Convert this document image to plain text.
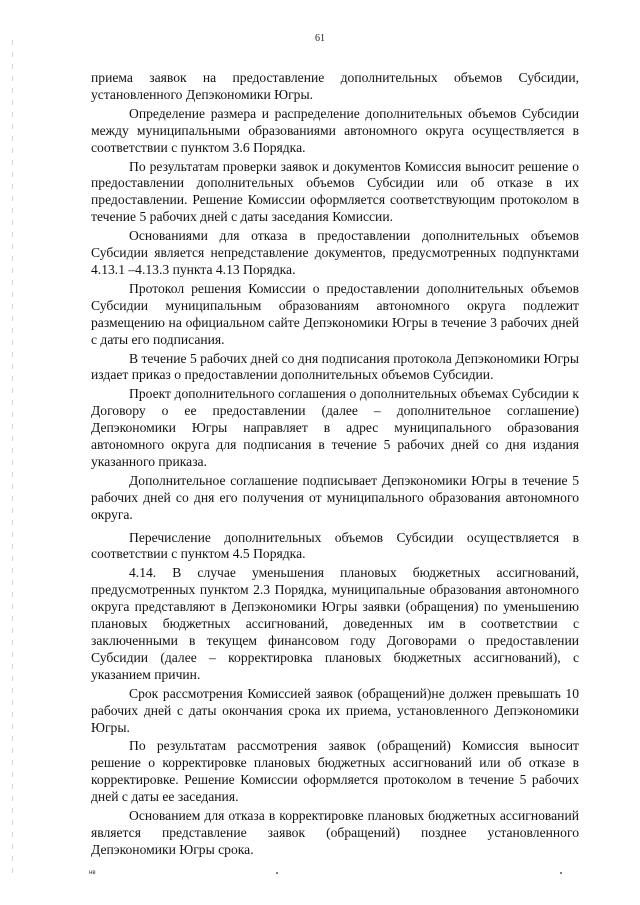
61

приема заявок на предоставление дополнительных объемов Субсидии, установленного Депэкономики Югры.

Определение размера и распределение дополнительных объемов Субсидии между муниципальными образованиями автономного округа осуществляется в соответствии с пунктом 3.6 Порядка.

По результатам проверки заявок и документов Комиссия выносит решение о предоставлении дополнительных объемов Субсидии или об отказе в их предоставлении. Решение Комиссии оформляется соответствующим протоколом в течение 5 рабочих дней с даты заседания Комиссии.

Основаниями для отказа в предоставлении дополнительных объемов Субсидии является непредставление документов, предусмотренных подпунктами 4.13.1 –4.13.3 пункта 4.13 Порядка.

Протокол решения Комиссии о предоставлении дополнительных объемов Субсидии муниципальным образованиям автономного округа подлежит размещению на официальном сайте Депэкономики Югры в течение 3 рабочих дней с даты его подписания.

В течение 5 рабочих дней со дня подписания протокола Депэкономики Югры издает приказ о предоставлении дополнительных объемов Субсидии.

Проект дополнительного соглашения о дополнительных объемах Субсидии к Договору о ее предоставлении (далее – дополнительное соглашение) Депэкономики Югры направляет в адрес муниципального образования автономного округа для подписания в течение 5 рабочих дней со дня издания указанного приказа.

Дополнительное соглашение подписывает Депэкономики Югры в течение 5 рабочих дней со дня его получения от муниципального образования автономного округа.

Перечисление дополнительных объемов Субсидии осуществляется в соответствии с пунктом 4.5 Порядка.

4.14. В случае уменьшения плановых бюджетных ассигнований, предусмотренных пунктом 2.3 Порядка, муниципальные образования автономного округа представляют в Депэкономики Югры заявки (обращения) по уменьшению плановых бюджетных ассигнований, доведенных им в соответствии с заключенными в текущем финансовом году Договорами о предоставлении Субсидии (далее – корректировка плановых бюджетных ассигнований), с указанием причин.

Срок рассмотрения Комиссией заявок (обращений)не должен превышать 10 рабочих дней с даты окончания срока их приема, установленного Депэкономики Югры.

По результатам рассмотрения заявок (обращений) Комиссия выносит решение о корректировке плановых бюджетных ассигнований или об отказе в корректировке. Решение Комиссии оформляется протоколом в течение 5 рабочих дней с даты ее заседания.

Основанием для отказа в корректировке плановых бюджетных ассигнований является представление заявок (обращений) позднее установленного Депэкономики Югры срока.

нв
